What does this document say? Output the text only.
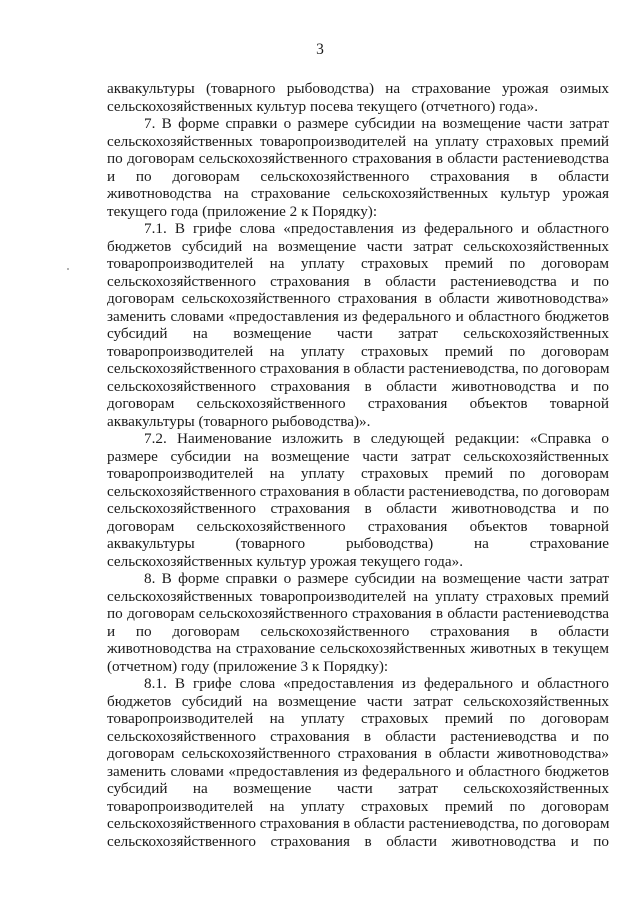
3
аквакультуры (товарного рыбоводства) на страхование урожая озимых
сельскохозяйственных культур посева текущего (отчетного) года».
7. В форме справки о размере субсидии на возмещение части затрат
сельскохозяйственных товаропроизводителей на уплату страховых премий
по договорам сельскохозяйственного страхования в области растениеводства
и по договорам сельскохозяйственного страхования в области
животноводства на страхование сельскохозяйственных культур урожая
текущего года (приложение 2 к Порядку):
7.1. В грифе слова «предоставления из федерального и областного
бюджетов субсидий на возмещение части затрат сельскохозяйственных
товаропроизводителей на уплату страховых премий по договорам
сельскохозяйственного страхования в области растениеводства и по
договорам сельскохозяйственного страхования в области животноводства»
заменить словами «предоставления из федерального и областного бюджетов
субсидий на возмещение части затрат сельскохозяйственных
товаропроизводителей на уплату страховых премий по договорам
сельскохозяйственного страхования в области растениеводства, по договорам
сельскохозяйственного страхования в области животноводства и по
договорам сельскохозяйственного страхования объектов товарной
аквакультуры (товарного рыбоводства)».
7.2. Наименование изложить в следующей редакции: «Справка о
размере субсидии на возмещение части затрат сельскохозяйственных
товаропроизводителей на уплату страховых премий по договорам
сельскохозяйственного страхования в области растениеводства, по договорам
сельскохозяйственного страхования в области животноводства и по
договорам сельскохозяйственного страхования объектов товарной
аквакультуры (товарного рыбоводства) на страхование
сельскохозяйственных культур урожая текущего года».
8. В форме справки о размере субсидии на возмещение части затрат
сельскохозяйственных товаропроизводителей на уплату страховых премий
по договорам сельскохозяйственного страхования в области растениеводства
и по договорам сельскохозяйственного страхования в области
животноводства на страхование сельскохозяйственных животных в текущем
(отчетном) году (приложение 3 к Порядку):
8.1. В грифе слова «предоставления из федерального и областного
бюджетов субсидий на возмещение части затрат сельскохозяйственных
товаропроизводителей на уплату страховых премий по договорам
сельскохозяйственного страхования в области растениеводства и по
договорам сельскохозяйственного страхования в области животноводства»
заменить словами «предоставления из федерального и областного бюджетов
субсидий на возмещение части затрат сельскохозяйственных
товаропроизводителей на уплату страховых премий по договорам
сельскохозяйственного страхования в области растениеводства, по договорам
сельскохозяйственного страхования в области животноводства и по
